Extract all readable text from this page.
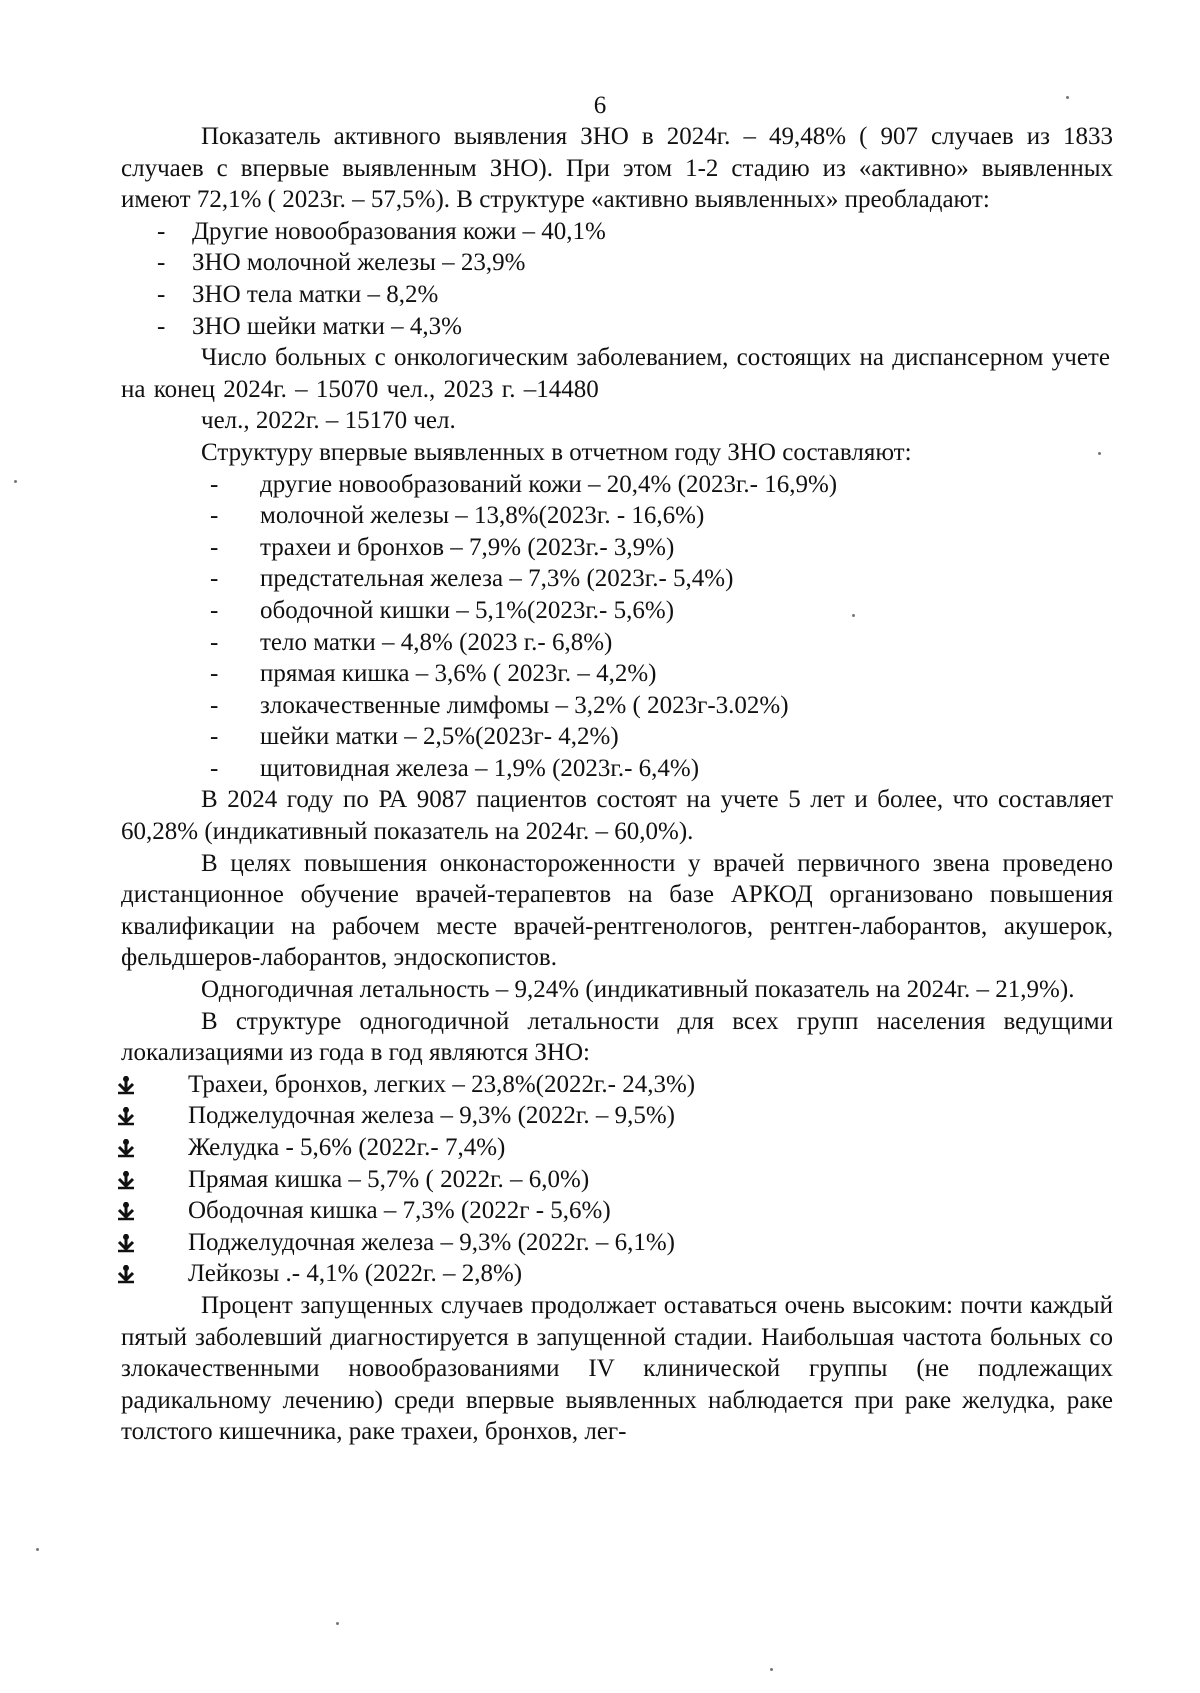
6

Показатель активного выявления ЗНО в 2024г. – 49,48% ( 907 случаев из 1833 случаев с впервые выявленным ЗНО). При этом 1-2 стадию из «активно» выявленных имеют 72,1% ( 2023г. – 57,5%). В структуре «активно выявленных» преобладают:

- Другие новообразования кожи – 40,1%
- ЗНО молочной железы – 23,9%
- ЗНО тела матки – 8,2%
- ЗНО шейки матки – 4,3%

Число больных с онкологическим заболеванием, состоящих на диспансерном учете на конец 2024г. – 15070 чел., 2023 г. –14480

чел., 2022г. – 15170 чел.

Структуру впервые выявленных в отчетном году ЗНО составляют:

- другие новообразований кожи – 20,4% (2023г.- 16,9%)
- молочной железы – 13,8%(2023г. - 16,6%)
- трахеи и бронхов – 7,9% (2023г.- 3,9%)
- предстательная железа – 7,3% (2023г.- 5,4%)
- ободочной кишки – 5,1%(2023г.- 5,6%)
- тело матки – 4,8% (2023 г.- 6,8%)
- прямая кишка – 3,6% ( 2023г. – 4,2%)
- злокачественные лимфомы – 3,2% ( 2023г-3.02%)
- шейки матки – 2,5%(2023г- 4,2%)
- щитовидная железа – 1,9% (2023г.- 6,4%)

В 2024 году по РА 9087 пациентов состоят на учете 5 лет и более, что составляет 60,28% (индикативный показатель на 2024г. – 60,0%).

В целях повышения онконастороженности у врачей первичного звена проведено дистанционное обучение врачей-терапевтов на базе АРКОД организовано повышения квалификации на рабочем месте врачей-рентгенологов, рентген-лаборантов, акушерок, фельдшеров-лаборантов, эндоскопистов.

Одногодичная летальность – 9,24% (индикативный показатель на 2024г. – 21,9%).

В структуре одногодичной летальности для всех групп населения ведущими локализациями из года в год являются ЗНО:

Трахеи, бронхов, легких – 23,8%(2022г.- 24,3%)
Поджелудочная железа – 9,3% (2022г. – 9,5%)
Желудка - 5,6% (2022г.- 7,4%)
Прямая кишка – 5,7% ( 2022г. – 6,0%)
Ободочная кишка – 7,3% (2022г - 5,6%)
Поджелудочная железа – 9,3% (2022г. – 6,1%)
Лейкозы .- 4,1% (2022г. – 2,8%)

Процент запущенных случаев продолжает оставаться очень высоким: почти каждый пятый заболевший диагностируется в запущенной стадии. Наибольшая частота больных со злокачественными новообразованиями IV клинической группы (не подлежащих радикальному лечению) среди впервые выявленных наблюдается при раке желудка, раке толстого кишечника, раке трахеи, бронхов, лег-
